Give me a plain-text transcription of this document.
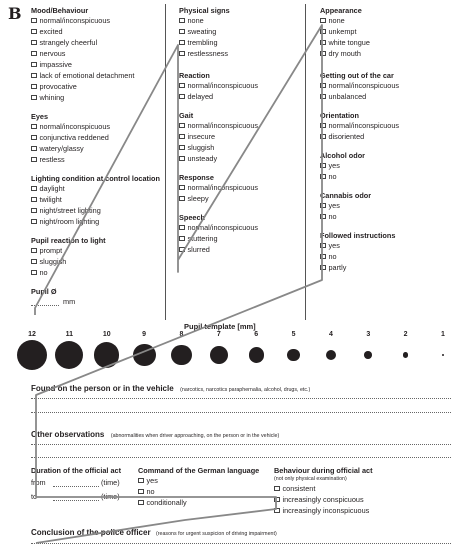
B Mood/Behaviour
normal/inconspicuous
excited
strangely cheerful
nervous
impassive
lack of emotional detachment
provocative
whining
Eyes
normal/inconspicuous
conjunctiva reddened
watery/glassy
restless
Lighting condition at control location
daylight
twilight
night/street lighting
night/room lighting
Pupil reaction to light
prompt
sluggish
no
Pupil Ø
mm
Physical signs
none
sweating
trembling
restlessness
Reaction
normal/inconspicuous
delayed
Gait
normal/inconspicuous
insecure
sluggish
unsteady
Response
normal/inconspicuous
sleepy
Speech
normal/inconspicuous
stuttering
slurred
Appearance
none
unkempt
white tongue
dry mouth
Getting out of the car
normal/inconspicuous
unbalanced
Orientation
normal/inconspicuous
disoriented
Alcohol odor
yes
no
Cannabis odor
yes
no
Followed instructions
yes
no
partly
Pupil template [mm]
12	11	10	9	8	7	6	5	4	3	2	1
Found on the person or in the vehicle (narcotics, narcotics paraphernalia, alcohol, drugs, etc.)
Other observations (abnormalities when driver approaching, on the person or in the vehicle)
Duration of the official act
from	(time)
to	(time)
Command of the German language
yes
no
conditionally
Behaviour during official act
(not only physical examination)
consistent
increasingly conspicuous
increasingly inconspicuous
Conclusion of the police officer (reasons for urgent suspicion of driving impairment)
